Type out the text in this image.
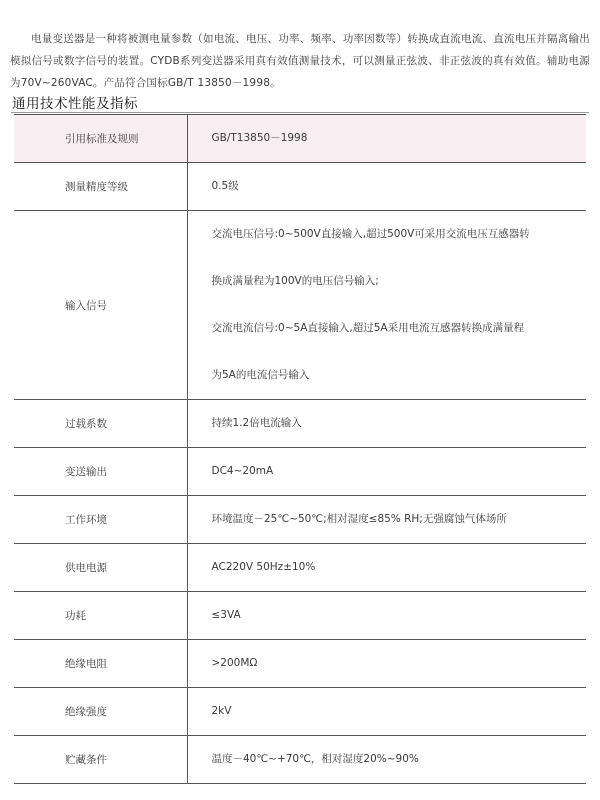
电量变送器是一种将被测电量参数（如电流、电压、功率、频率、功率因数等）转换成直流电流、直流电压并隔离输出模拟信号或数字信号的装置。CYDB系列变送器采用真有效值测量技术，可以测量正弦波、非正弦波的真有效值。辅助电源为70V~260VAC。产品符合国标GB/T 13850－1998。

通用技术性能及指标
引用标准及规则	GB/T13850－1998

测量精度等级	0.5级

输入信号	交流电压信号:0~500V直接输入,超过500V可采用交流电压互感器转
换成满量程为100V的电压信号输入;
交流电流信号:0~5A直接输入,超过5A采用电流互感器转换成满量程
为5A的电流信号输入

过载系数	持续1.2倍电流输入

变送输出	DC4~20mA

工作环境	环境温度－25℃~50℃;相对湿度≤85% RH;无强腐蚀气体场所

供电电源	AC220V 50Hz±10%

功耗	≤3VA

绝缘电阻	>200MΩ

绝缘强度	2kV

贮藏条件	温度－40℃~+70℃，相对湿度20%~90%
